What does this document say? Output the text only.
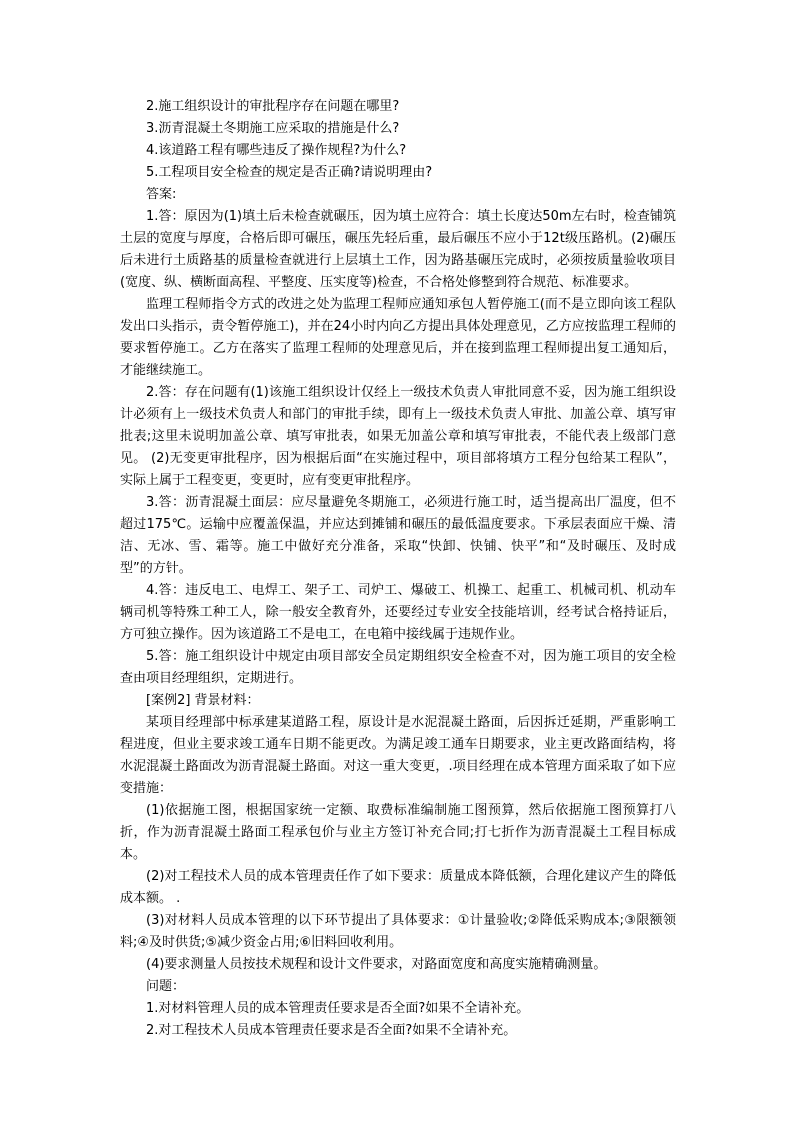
2.施工组织设计的审批程序存在问题在哪里?

3.沥青混凝土冬期施工应采取的措施是什么?

4.该道路工程有哪些违反了操作规程?为什么?

5.工程项目安全检查的规定是否正确?请说明理由?

答案:

1.答：原因为(1)填土后未检查就碾压，因为填土应符合：填土长度达50m左右时，检查铺筑土层的宽度与厚度，合格后即可碾压，碾压先轻后重，最后碾压不应小于12t级压路机。(2)碾压后未进行土质路基的质量检查就进行上层填土工作，因为路基碾压完成时，必须按质量验收项目(宽度、纵、横断面高程、平整度、压实度等)检查，不合格处修整到符合规范、标准要求。

监理工程师指令方式的改进之处为监理工程师应通知承包人暂停施工(而不是立即向该工程队发出口头指示，责令暂停施工)，并在24小时内向乙方提出具体处理意见，乙方应按监理工程师的要求暂停施工。乙方在落实了监理工程师的处理意见后，并在接到监理工程师提出复工通知后，才能继续施工。

2.答：存在问题有(1)该施工组织设计仅经上一级技术负责人审批同意不妥，因为施工组织设计必须有上一级技术负责人和部门的审批手续，即有上一级技术负责人审批、加盖公章、填写审批表;这里未说明加盖公章、填写审批表，如果无加盖公章和填写审批表，不能代表上级部门意见。 (2)无变更审批程序，因为根据后面“在实施过程中，项目部将填方工程分包给某工程队”，实际上属于工程变更，变更时，应有变更审批程序。

3.答：沥青混凝土面层：应尽量避免冬期施工，必须进行施工时，适当提高出厂温度，但不超过175℃。运输中应覆盖保温，并应达到摊铺和碾压的最低温度要求。下承层表面应干燥、清洁、无冰、雪、霜等。施工中做好充分准备，采取“快卸、快铺、快平”和“及时碾压、及时成型”的方针。

4.答：违反电工、电焊工、架子工、司炉工、爆破工、机操工、起重工、机械司机、机动车辆司机等特殊工种工人，除一般安全教育外，还要经过专业安全技能培训，经考试合格持证后，方可独立操作。因为该道路工不是电工，在电箱中接线属于违规作业。

5.答：施工组织设计中规定由项目部安全员定期组织安全检查不对，因为施工项目的安全检查由项目经理组织，定期进行。

[案例2] 背景材料：

某项目经理部中标承建某道路工程，原设计是水泥混凝土路面，后因拆迁延期，严重影响工程进度，但业主要求竣工通车日期不能更改。为满足竣工通车日期要求，业主更改路面结构，将水泥混凝土路面改为沥青混凝土路面。对这一重大变更，.项目经理在成本管理方面采取了如下应变措施：

(1)依据施工图，根据国家统一定额、取费标准编制施工图预算，然后依据施工图预算打八折，作为沥青混凝土路面工程承包价与业主方签订补充合同;打七折作为沥青混凝土工程目标成本。

(2)对工程技术人员的成本管理责任作了如下要求：质量成本降低额，合理化建议产生的降低成本额。 .

(3)对材料人员成本管理的以下环节提出了具体要求：①计量验收;②降低采购成本;③限额领料;④及时供货;⑤减少资金占用;⑥旧料回收利用。

(4)要求测量人员按技术规程和设计文件要求，对路面宽度和高度实施精确测量。

问题：

1.对材料管理人员的成本管理责任要求是否全面?如果不全请补充。

2.对工程技术人员成本管理责任要求是否全面?如果不全请补充。
